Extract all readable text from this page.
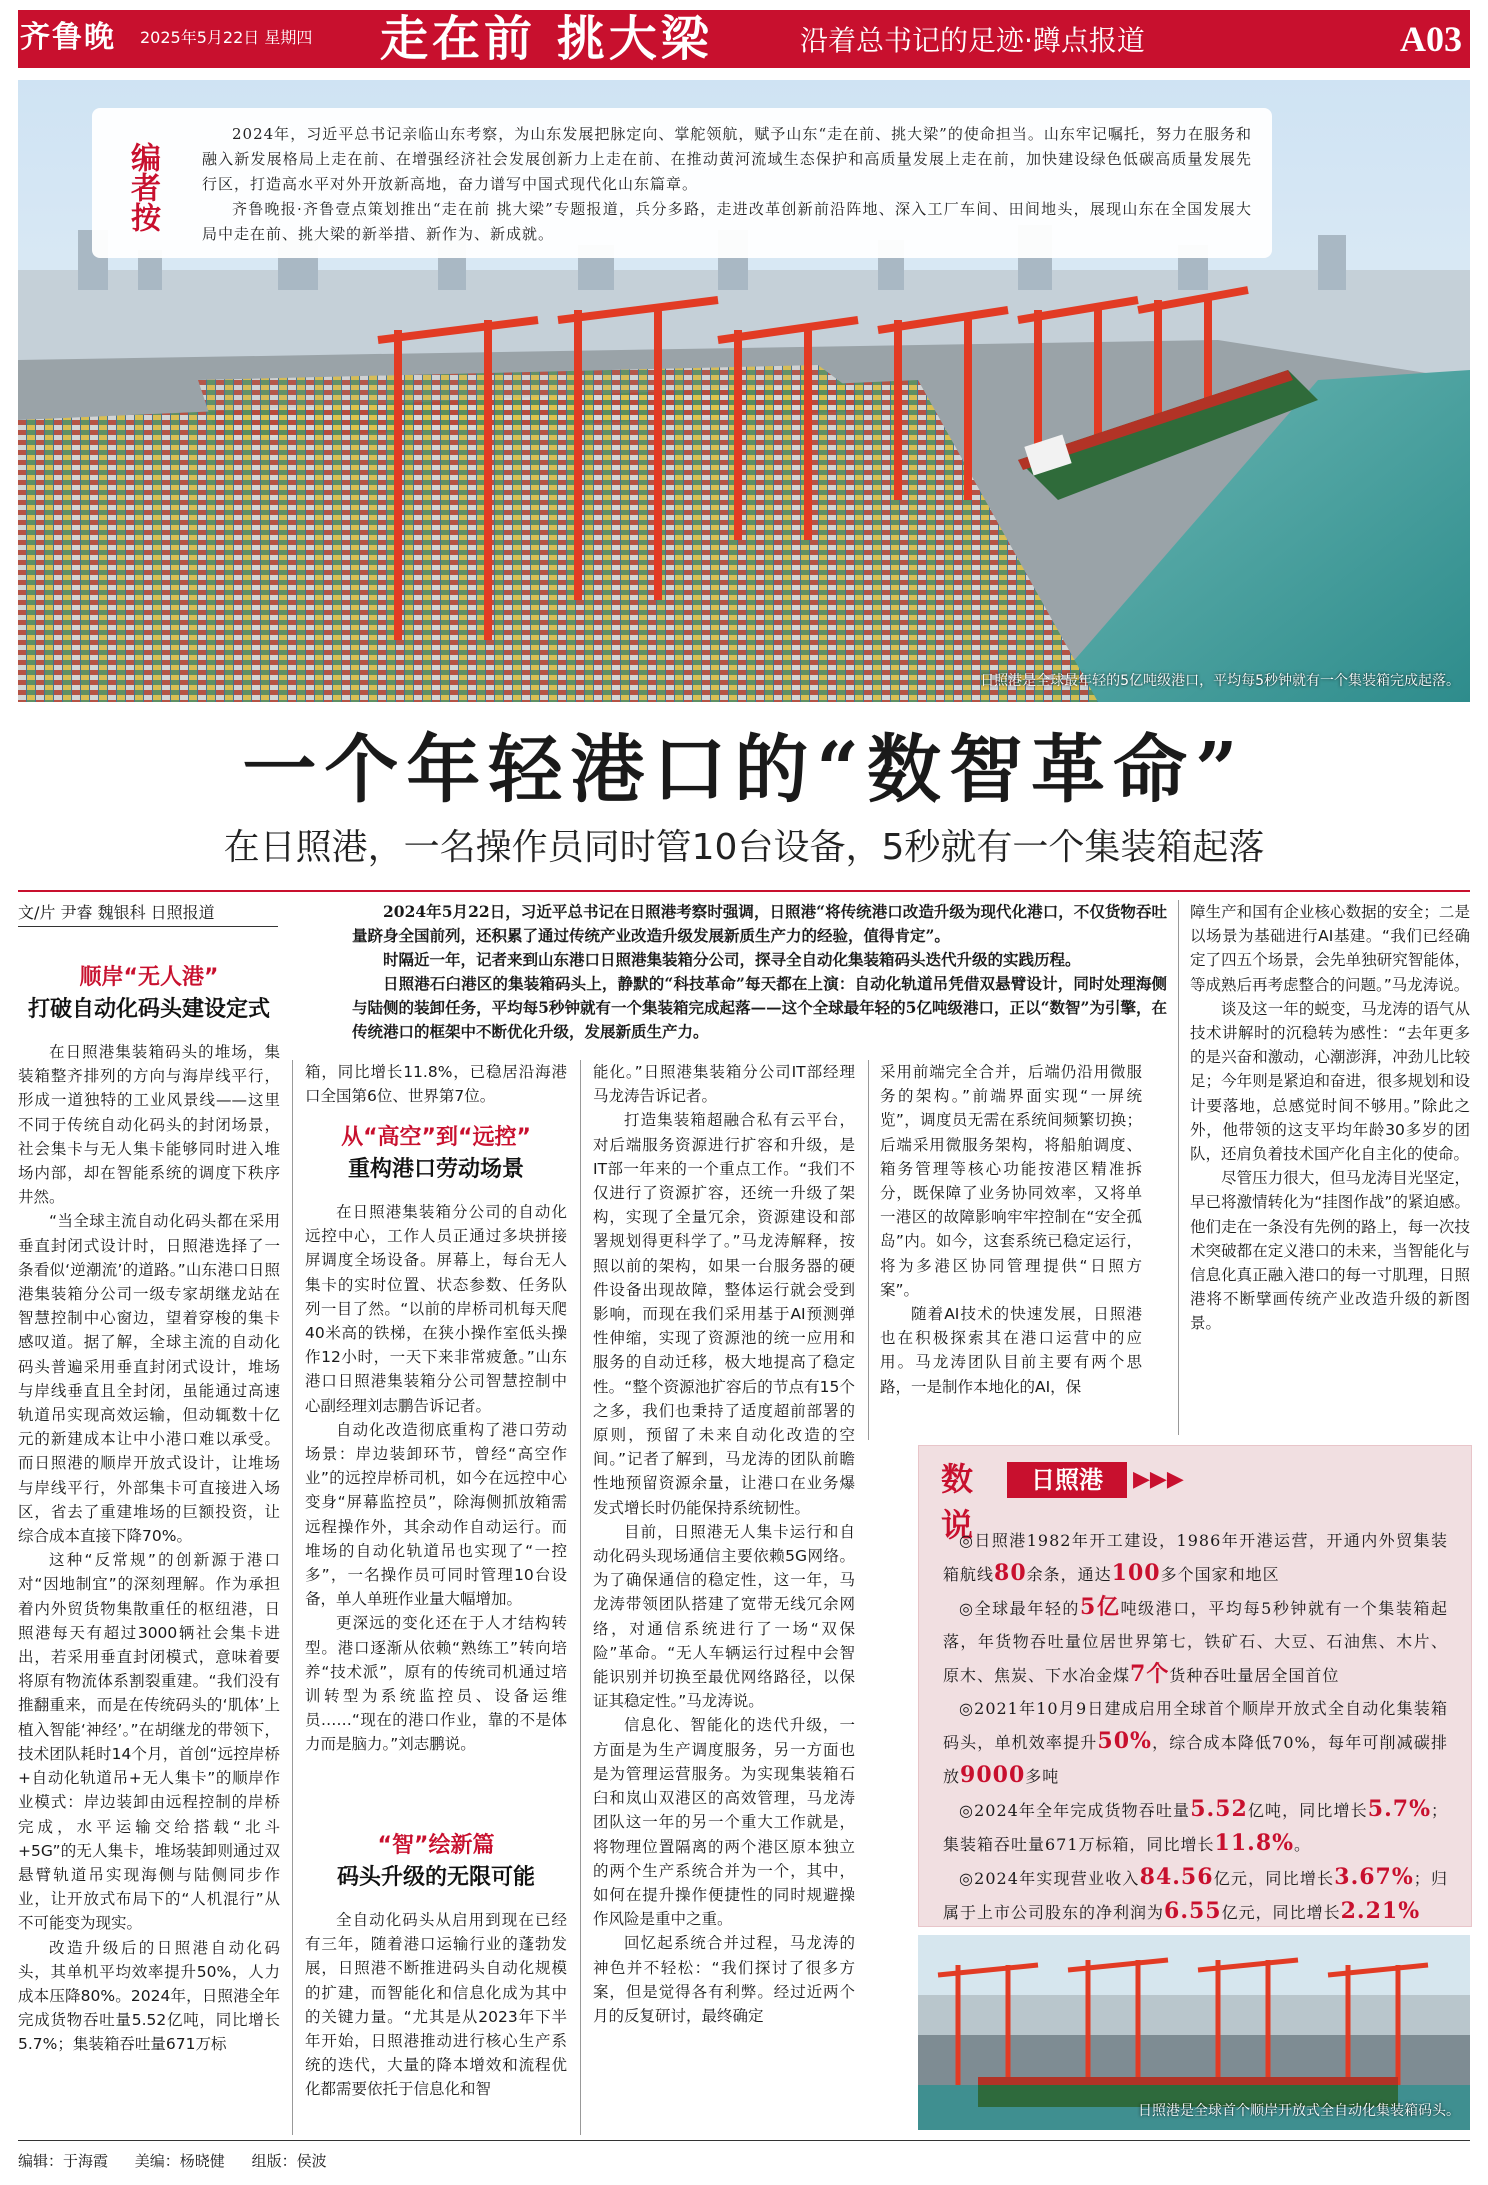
齐鲁晚	2025年5月22日 星期四	走在前 挑大梁	沿着总书记的足迹·蹲点报道	A03
编者按
2024年，习近平总书记亲临山东考察，为山东发展把脉定向、掌舵领航，赋予山东“走在前、挑大梁”的使命担当。山东牢记嘱托，努力在服务和融入新发展格局上走在前、在增强经济社会发展创新力上走在前、在推动黄河流域生态保护和高质量发展上走在前，加快建设绿色低碳高质量发展先行区，打造高水平对外开放新高地，奋力谱写中国式现代化山东篇章。
齐鲁晚报·齐鲁壹点策划推出“走在前 挑大梁”专题报道，兵分多路，走进改革创新前沿阵地、深入工厂车间、田间地头，展现山东在全国发展大局中走在前、挑大梁的新举措、新作为、新成就。
日照港是全球最年轻的5亿吨级港口，平均每5秒钟就有一个集装箱完成起落。
一个年轻港口的“数智革命”
在日照港，一名操作员同时管10台设备，5秒就有一个集装箱起落
文/片 尹睿 魏银科 日照报道	2024年5月22日，习近平总书记在日照港考察时强调，日照港“将传统港口改造升级为现代化港口，不仅货物吞吐量跻身全国前列，还积累了通过传统产业改造升级发展新质生产力的经验，值得肯定”。

时隔近一年，记者来到山东港口日照港集装箱分公司，探寻全自动化集装箱码头迭代升级的实践历程。

日照港石臼港区的集装箱码头上，静默的“科技革命”每天都在上演：自动化轨道吊凭借双悬臂设计，同时处理海侧与陆侧的装卸任务，平均每5秒钟就有一个集装箱完成起落——这个全球最年轻的5亿吨级港口，正以“数智”为引擎，在传统港口的框架中不断优化升级，发展新质生产力。

顺岸“无人港”
打破自动化码头建设定式

在日照港集装箱码头的堆场，集装箱整齐排列的方向与海岸线平行，形成一道独特的工业风景线——这里不同于传统自动化码头的封闭场景，社会集卡与无人集卡能够同时进入堆场内部，却在智能系统的调度下秩序井然。

“当全球主流自动化码头都在采用垂直封闭式设计时，日照港选择了一条看似‘逆潮流’的道路。”山东港口日照港集装箱分公司一级专家胡继龙站在智慧控制中心窗边，望着穿梭的集卡感叹道。据了解，全球主流的自动化码头普遍采用垂直封闭式设计，堆场与岸线垂直且全封闭，虽能通过高速轨道吊实现高效运输，但动辄数十亿元的新建成本让中小港口难以承受。而日照港的顺岸开放式设计，让堆场与岸线平行，外部集卡可直接进入场区，省去了重建堆场的巨额投资，让综合成本直接下降70%。

这种“反常规”的创新源于港口对“因地制宜”的深刻理解。作为承担着内外贸货物集散重任的枢纽港，日照港每天有超过3000辆社会集卡进出，若采用垂直封闭模式，意味着要将原有物流体系割裂重建。“我们没有推翻重来，而是在传统码头的‘肌体’上植入智能‘神经’。”在胡继龙的带领下，技术团队耗时14个月，首创“远控岸桥+自动化轨道吊+无人集卡”的顺岸作业模式：岸边装卸由远程控制的岸桥完成，水平运输交给搭载“北斗+5G”的无人集卡，堆场装卸则通过双悬臂轨道吊实现海侧与陆侧同步作业，让开放式布局下的“人机混行”从不可能变为现实。

改造升级后的日照港自动化码头，其单机平均效率提升50%，人力成本压降80%。2024年，日照港全年完成货物吞吐量5.52亿吨，同比增长5.7%；集装箱吞吐量671万标

箱，同比增长11.8%，已稳居沿海港口全国第6位、世界第7位。

从“高空”到“远控”
重构港口劳动场景

在日照港集装箱分公司的自动化远控中心，工作人员正通过多块拼接屏调度全场设备。屏幕上，每台无人集卡的实时位置、状态参数、任务队列一目了然。“以前的岸桥司机每天爬40米高的铁梯，在狭小操作室低头操作12小时，一天下来非常疲惫。”山东港口日照港集装箱分公司智慧控制中心副经理刘志鹏告诉记者。

自动化改造彻底重构了港口劳动场景：岸边装卸环节，曾经“高空作业”的远控岸桥司机，如今在远控中心变身“屏幕监控员”，除海侧抓放箱需远程操作外，其余动作自动运行。而堆场的自动化轨道吊也实现了“一控多”，一名操作员可同时管理10台设备，单人单班作业量大幅增加。

更深远的变化还在于人才结构转型。港口逐渐从依赖“熟练工”转向培养“技术派”，原有的传统司机通过培训转型为系统监控员、设备运维员……“现在的港口作业，靠的不是体力而是脑力。”刘志鹏说。

“智”绘新篇
码头升级的无限可能

全自动化码头从启用到现在已经有三年，随着港口运输行业的蓬勃发展，日照港不断推进码头自动化规模的扩建，而智能化和信息化成为其中的关键力量。“尤其是从2023年下半年开始，日照港推动进行核心生产系统的迭代，大量的降本增效和流程优化都需要依托于信息化和智

能化。”日照港集装箱分公司IT部经理马龙涛告诉记者。

打造集装箱超融合私有云平台，对后端服务资源进行扩容和升级，是IT部一年来的一个重点工作。“我们不仅进行了资源扩容，还统一升级了架构，实现了全量冗余，资源建设和部署规划得更科学了。”马龙涛解释，按照以前的架构，如果一台服务器的硬件设备出现故障，整体运行就会受到影响，而现在我们采用基于AI预测弹性伸缩，实现了资源池的统一应用和服务的自动迁移，极大地提高了稳定性。“整个资源池扩容后的节点有15个之多，我们也秉持了适度超前部署的原则，预留了未来自动化改造的空间。”记者了解到，马龙涛的团队前瞻性地预留资源余量，让港口在业务爆发式增长时仍能保持系统韧性。

目前，日照港无人集卡运行和自动化码头现场通信主要依赖5G网络。为了确保通信的稳定性，这一年，马龙涛带领团队搭建了宽带无线冗余网络，对通信系统进行了一场“双保险”革命。“无人车辆运行过程中会智能识别并切换至最优网络路径，以保证其稳定性。”马龙涛说。

信息化、智能化的迭代升级，一方面是为生产调度服务，另一方面也是为管理运营服务。为实现集装箱石臼和岚山双港区的高效管理，马龙涛团队这一年的另一个重大工作就是，将物理位置隔离的两个港区原本独立的两个生产系统合并为一个，其中，如何在提升操作便捷性的同时规避操作风险是重中之重。

回忆起系统合并过程，马龙涛的神色并不轻松：“我们探讨了很多方案，但是觉得各有利弊。经过近两个月的反复研讨，最终确定

采用前端完全合并，后端仍沿用微服务的架构。”前端界面实现“一屏统览”，调度员无需在系统间频繁切换；后端采用微服务架构，将船舶调度、箱务管理等核心功能按港区精准拆分，既保障了业务协同效率，又将单一港区的故障影响牢牢控制在“安全孤岛”内。如今，这套系统已稳定运行，将为多港区协同管理提供“日照方案”。

随着AI技术的快速发展，日照港也在积极探索其在港口运营中的应用。马龙涛团队目前主要有两个思路，一是制作本地化的AI，保

障生产和国有企业核心数据的安全；二是以场景为基础进行AI基建。“我们已经确定了四五个场景，会先单独研究智能体，等成熟后再考虑整合的问题。”马龙涛说。

谈及这一年的蜕变，马龙涛的语气从技术讲解时的沉稳转为感性：“去年更多的是兴奋和激动，心潮澎湃，冲劲儿比较足；今年则是紧迫和奋进，很多规划和设计要落地，总感觉时间不够用。”除此之外，他带领的这支平均年龄30多岁的团队，还肩负着技术国产化自主化的使命。

尽管压力很大，但马龙涛目光坚定，早已将激情转化为“挂图作战”的紧迫感。他们走在一条没有先例的路上，每一次技术突破都在定义港口的未来，当智能化与信息化真正融入港口的每一寸肌理，日照港将不断擘画传统产业改造升级的新图景。

数说
日照港	▶▶▶

◎日照港1982年开工建设，1986年开港运营，开通内外贸集装箱航线80余条，通达100多个国家和地区

◎全球最年轻的5亿吨级港口，平均每5秒钟就有一个集装箱起落，年货物吞吐量位居世界第七，铁矿石、大豆、石油焦、木片、原木、焦炭、下水冶金煤7个货种吞吐量居全国首位

◎2021年10月9日建成启用全球首个顺岸开放式全自动化集装箱码头，单机效率提升50%，综合成本降低70%，每年可削减碳排放9000多吨

◎2024年全年完成货物吞吐量5.52亿吨，同比增长5.7%；集装箱吞吐量671万标箱，同比增长11.8%。

◎2024年实现营业收入84.56亿元，同比增长3.67%；归属于上市公司股东的净利润为6.55亿元，同比增长2.21%

日照港是全球首个顺岸开放式全自动化集装箱码头。
编辑：于海霞 美编：杨晓健 组版：侯波
